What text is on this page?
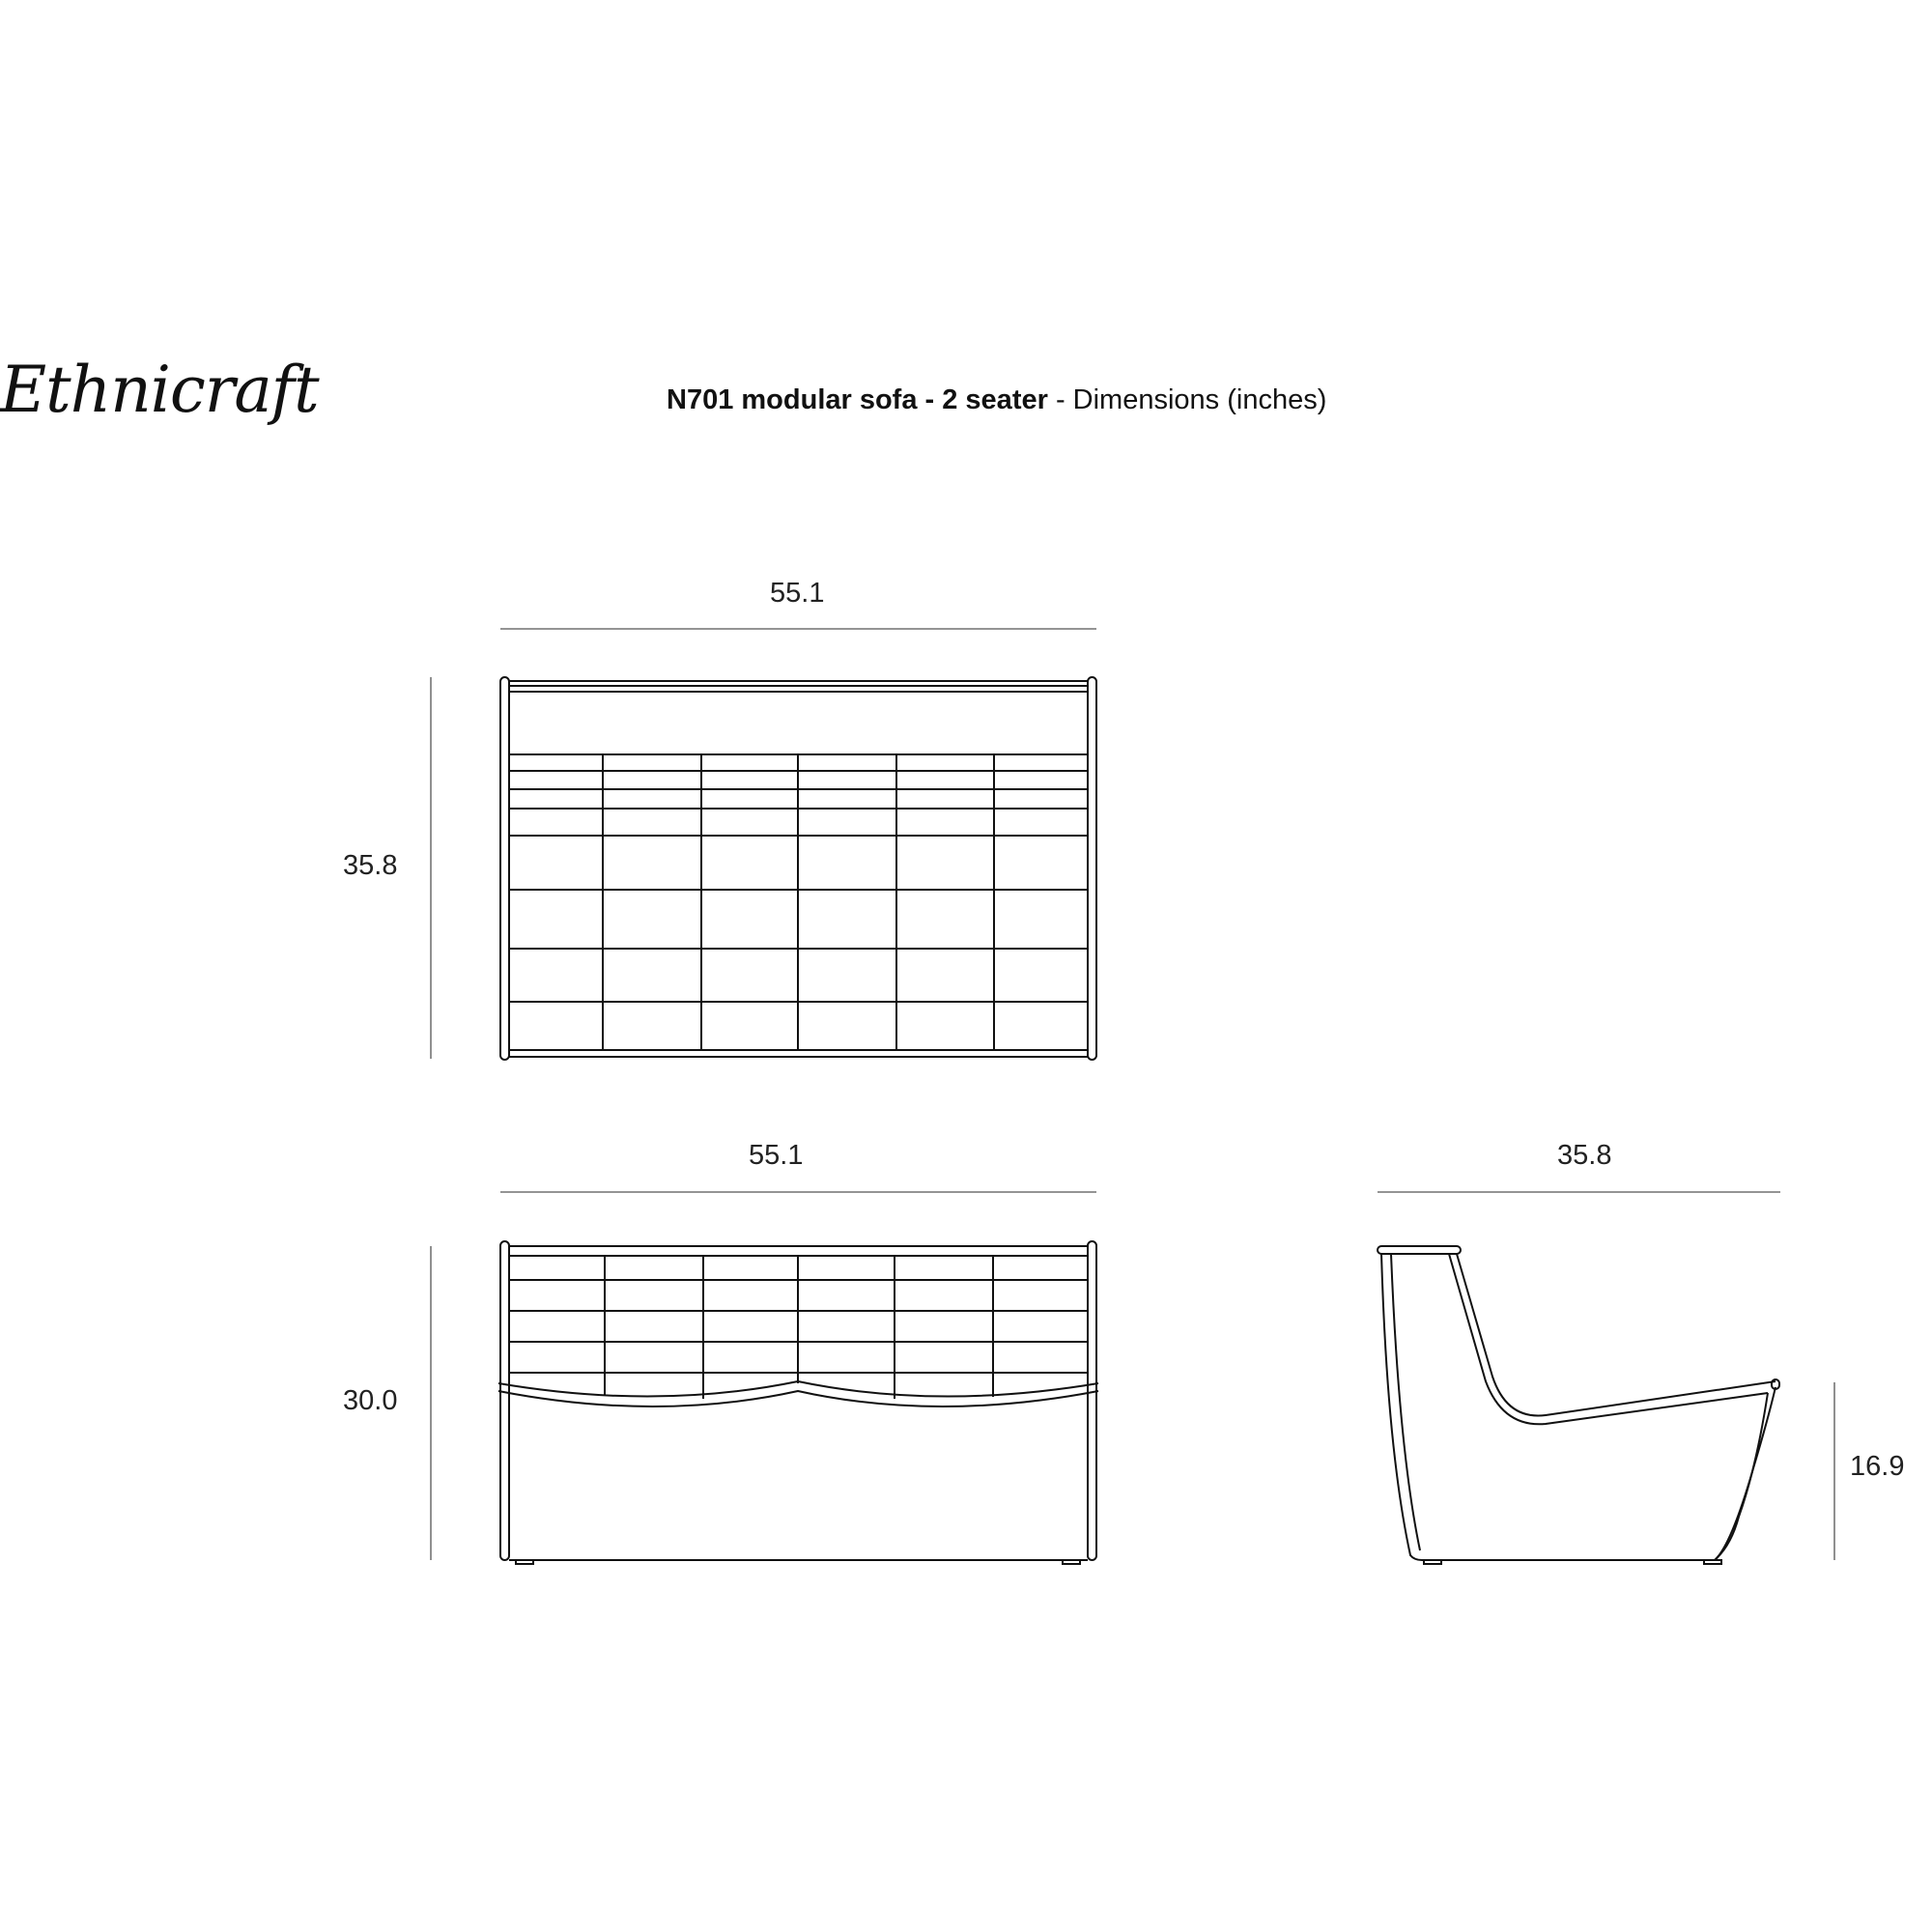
Ethnicraft	N701 modular sofa - 2 seater - Dimensions (inches)
55.1
35.8
55.1
30.0
35.8
16.9
